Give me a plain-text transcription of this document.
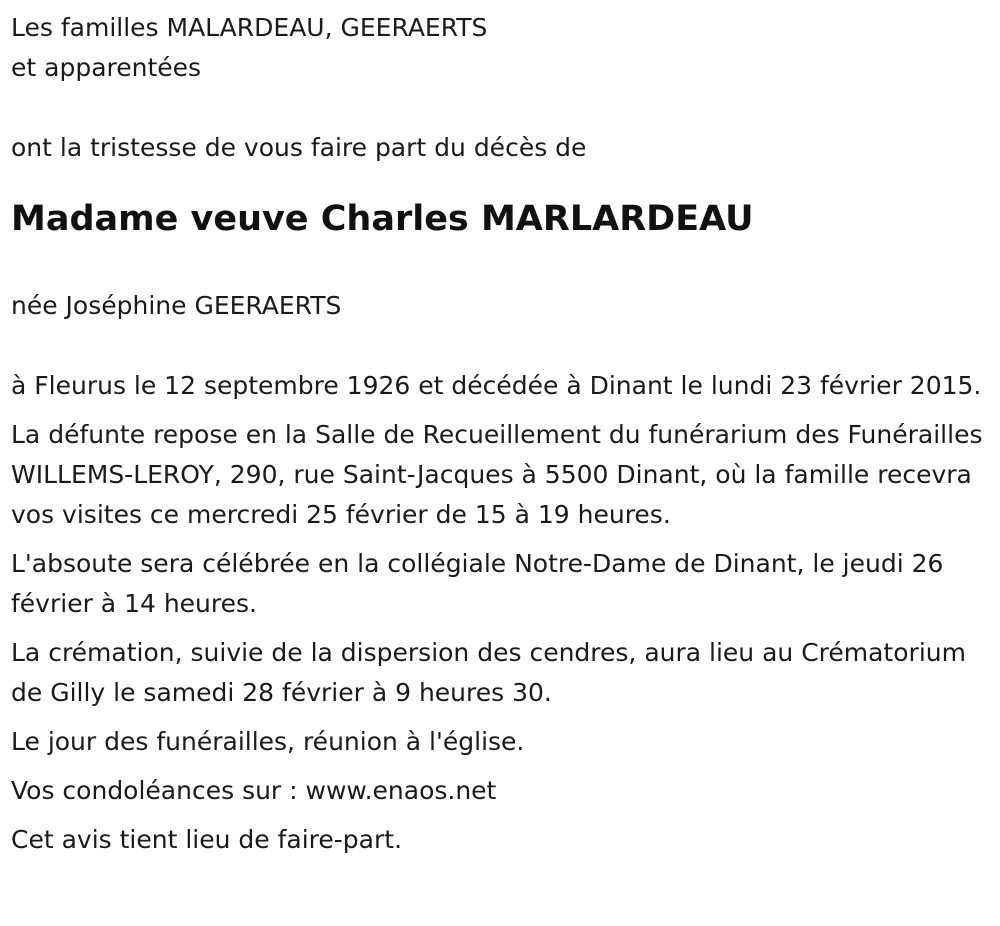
Les familles MALARDEAU, GEERAERTS
et apparentées

ont la tristesse de vous faire part du décès de

Madame veuve Charles MARLARDEAU

née Joséphine GEERAERTS

à Fleurus le 12 septembre 1926 et décédée à Dinant le lundi 23 février 2015.

La défunte repose en la Salle de Recueillement du funérarium des Funérailles WILLEMS-LEROY, 290, rue Saint-Jacques à 5500 Dinant, où la famille recevra vos visites ce mercredi 25 février de 15 à 19 heures.

L'absoute sera célébrée en la collégiale Notre-Dame de Dinant, le jeudi 26 février à 14 heures.

La crémation, suivie de la dispersion des cendres, aura lieu au Crématorium de Gilly le samedi 28 février à 9 heures 30.

Le jour des funérailles, réunion à l'église.

Vos condoléances sur : www.enaos.net

Cet avis tient lieu de faire-part.
